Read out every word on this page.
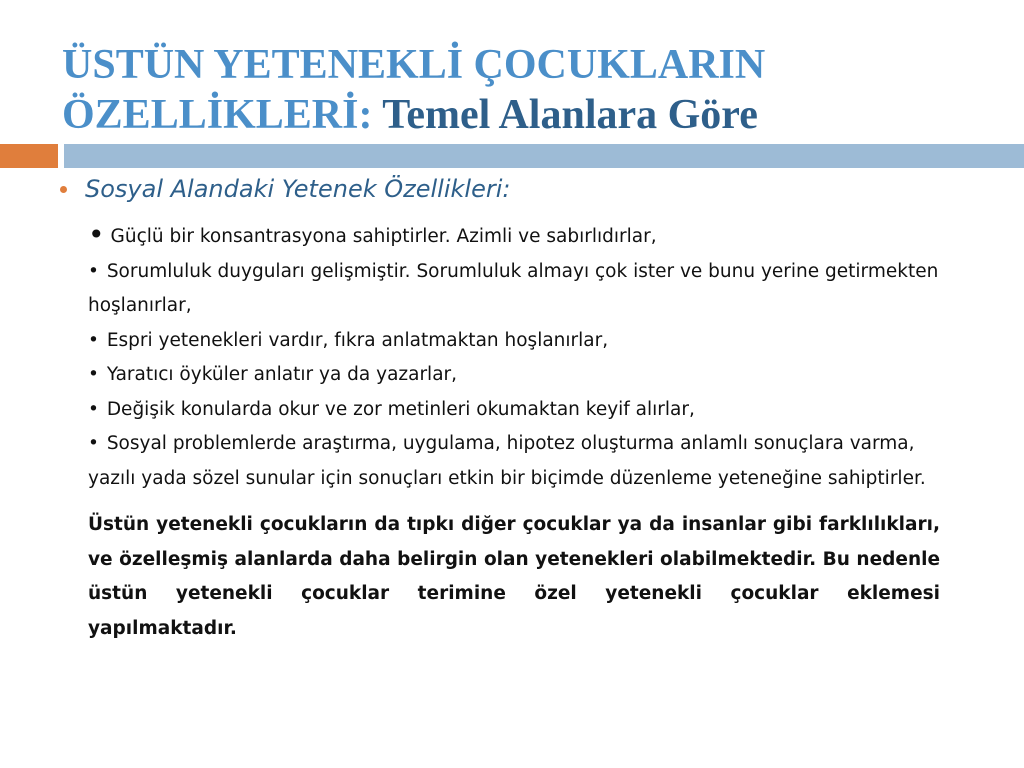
ÜSTÜN YETENEKLİ ÇOCUKLARIN
ÖZELLİKLERİ: Temel Alanlara Göre
Sosyal Alandaki Yetenek Özellikleri:
• Güçlü bir konsantrasyona sahiptirler. Azimli ve sabırlıdırlar,
• Sorumluluk duyguları gelişmiştir. Sorumluluk almayı çok ister ve bunu yerine getirmekten hoşlanırlar,
• Espri yetenekleri vardır, fıkra anlatmaktan hoşlanırlar,
• Yaratıcı öyküler anlatır ya da yazarlar,
• Değişik konularda okur ve zor metinleri okumaktan keyif alırlar,
• Sosyal problemlerde araştırma, uygulama, hipotez oluşturma anlamlı sonuçlara varma, yazılı yada sözel sunular için sonuçları etkin bir biçimde düzenleme yeteneğine sahiptirler.
Üstün yetenekli çocukların da tıpkı diğer çocuklar ya da insanlar gibi farklılıkları, ve özelleşmiş alanlarda daha belirgin olan yetenekleri olabilmektedir. Bu nedenle üstün yetenekli çocuklar terimine özel yetenekli çocuklar eklemesi yapılmaktadır.
